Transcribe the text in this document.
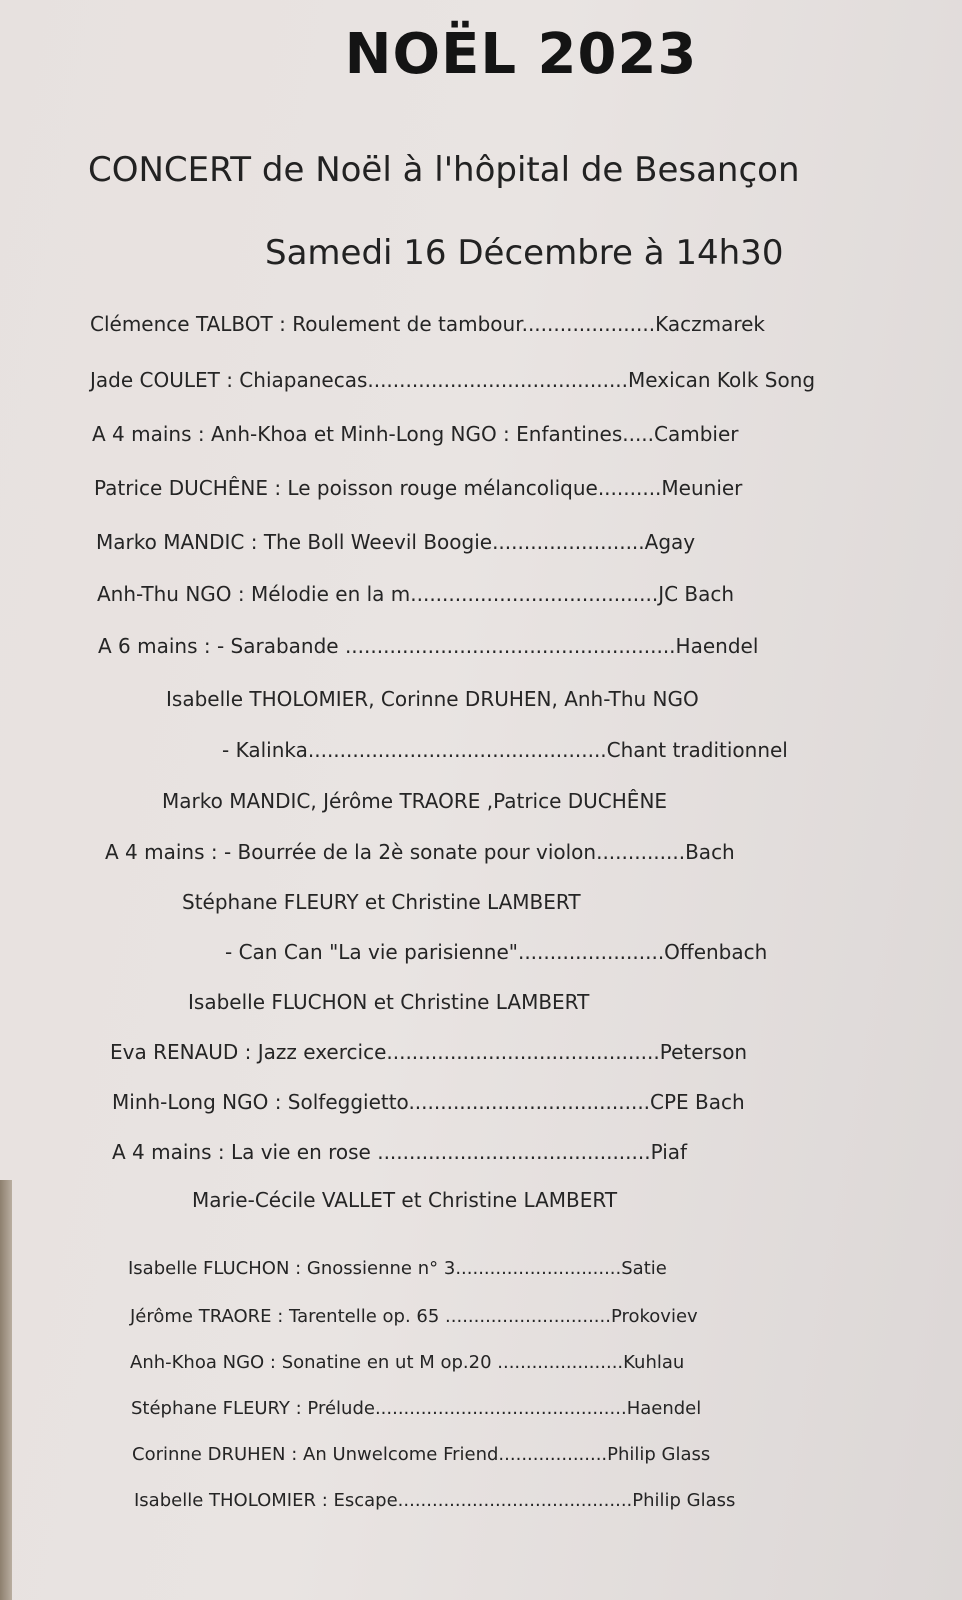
NOËL 2023
CONCERT de Noël à l'hôpital de Besançon
Samedi 16 Décembre à 14h30
Clémence TALBOT : Roulement de tambour.....................Kaczmarek
Jade COULET : Chiapanecas.........................................Mexican Kolk Song
A 4 mains : Anh-Khoa et Minh-Long NGO : Enfantines.....Cambier
Patrice DUCHÊNE : Le poisson rouge mélancolique..........Meunier
Marko MANDIC : The Boll Weevil Boogie........................Agay
Anh-Thu NGO : Mélodie en la m.......................................JC Bach
A 6 mains : - Sarabande ....................................................Haendel
Isabelle THOLOMIER, Corinne DRUHEN, Anh-Thu NGO
- Kalinka...............................................Chant traditionnel
Marko MANDIC, Jérôme TRAORE ,Patrice DUCHÊNE
A 4 mains : - Bourrée de la 2è sonate pour violon..............Bach
Stéphane FLEURY et Christine LAMBERT
- Can Can "La vie parisienne".......................Offenbach
Isabelle FLUCHON et Christine LAMBERT
Eva RENAUD : Jazz exercice...........................................Peterson
Minh-Long NGO : Solfeggietto......................................CPE Bach
A 4 mains : La vie en rose ...........................................Piaf
Marie-Cécile VALLET et Christine LAMBERT
Isabelle FLUCHON : Gnossienne n° 3.............................Satie
Jérôme TRAORE : Tarentelle op. 65 .............................Prokoviev
Anh-Khoa NGO : Sonatine en ut M op.20 ......................Kuhlau
Stéphane FLEURY : Prélude............................................Haendel
Corinne DRUHEN : An Unwelcome Friend...................Philip Glass
Isabelle THOLOMIER : Escape.........................................Philip Glass
